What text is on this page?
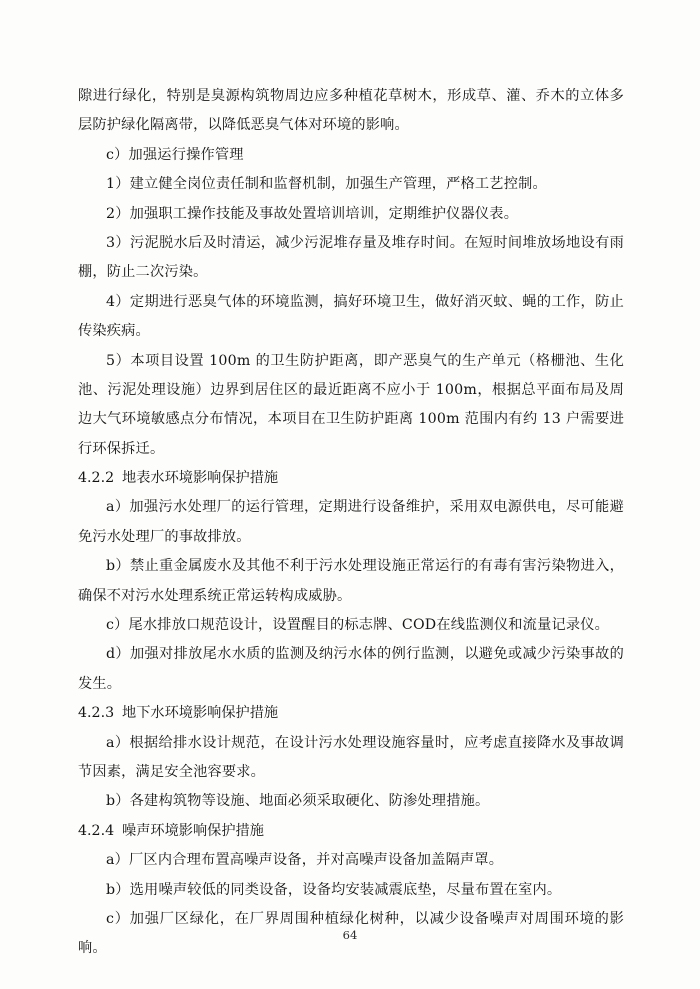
隙进行绿化，特别是臭源构筑物周边应多种植花草树木，形成草、灌、乔木的立体多层防护绿化隔离带，以降低恶臭气体对环境的影响。

c）加强运行操作管理

1）建立健全岗位责任制和监督机制，加强生产管理，严格工艺控制。

2）加强职工操作技能及事故处置培训培训，定期维护仪器仪表。

3）污泥脱水后及时清运，减少污泥堆存量及堆存时间。在短时间堆放场地设有雨棚，防止二次污染。

4）定期进行恶臭气体的环境监测，搞好环境卫生，做好消灭蚊、蝇的工作，防止传染疾病。

5）本项目设置 100m 的卫生防护距离，即产恶臭气的生产单元（格栅池、生化池、污泥处理设施）边界到居住区的最近距离不应小于 100m，根据总平面布局及周边大气环境敏感点分布情况，本项目在卫生防护距离 100m 范围内有约 13 户需要进行环保拆迁。

4.2.2 地表水环境影响保护措施

a）加强污水处理厂的运行管理，定期进行设备维护，采用双电源供电，尽可能避免污水处理厂的事故排放。

b）禁止重金属废水及其他不利于污水处理设施正常运行的有毒有害污染物进入，确保不对污水处理系统正常运转构成威胁。

c）尾水排放口规范设计，设置醒目的标志牌、COD在线监测仪和流量记录仪。

d）加强对排放尾水水质的监测及纳污水体的例行监测，以避免或减少污染事故的发生。

4.2.3 地下水环境影响保护措施

a）根据给排水设计规范，在设计污水处理设施容量时，应考虑直接降水及事故调节因素，满足安全池容要求。

b）各建构筑物等设施、地面必须采取硬化、防渗处理措施。

4.2.4 噪声环境影响保护措施

a）厂区内合理布置高噪声设备，并对高噪声设备加盖隔声罩。

b）选用噪声较低的同类设备，设备均安装减震底垫，尽量布置在室内。

c）加强厂区绿化，在厂界周围种植绿化树种，以减少设备噪声对周围环境的影响。

64
